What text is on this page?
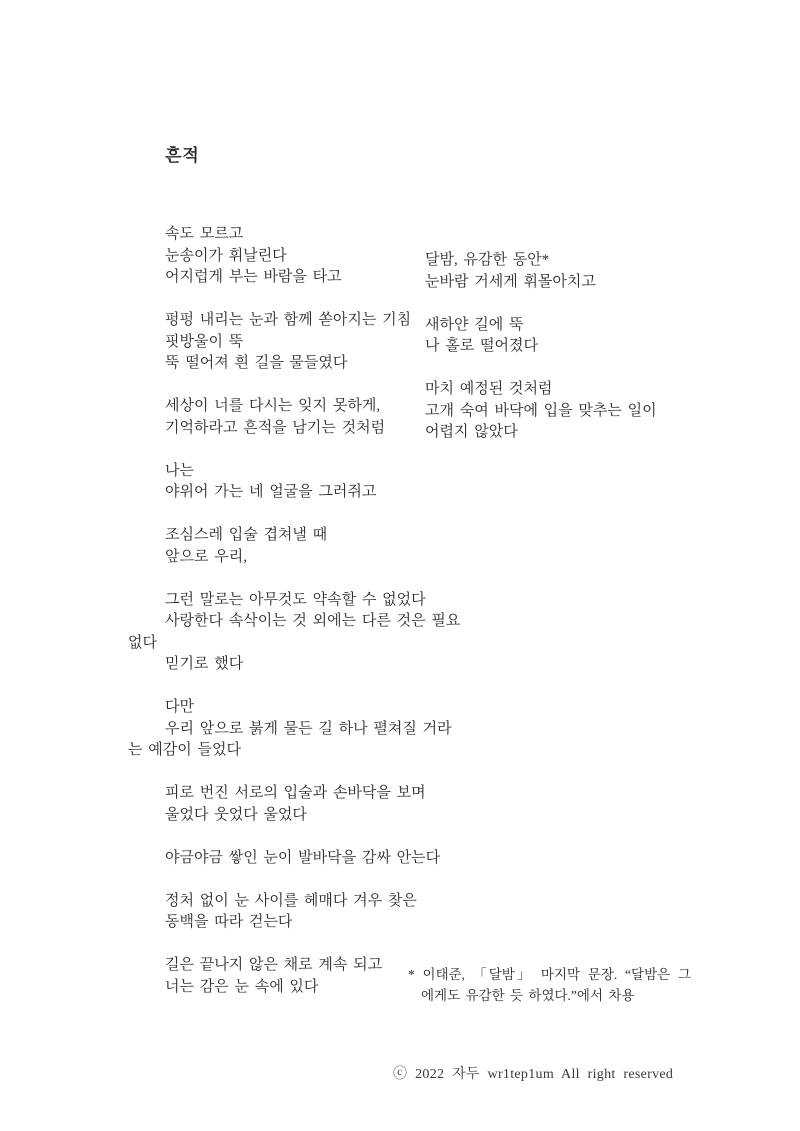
흔적

속도 모르고

눈송이가 휘날린다

어지럽게 부는 바람을 타고

펑펑 내리는 눈과 함께 쏟아지는 기침

핏방울이 뚝

뚝 떨어져 흰 길을 물들였다

세상이 너를 다시는 잊지 못하게,

기억하라고 흔적을 남기는 것처럼

나는

야위어 가는 네 얼굴을 그러쥐고

조심스레 입술 겹쳐낼 때

앞으로 우리,

그런 말로는 아무것도 약속할 수 없었다

사랑한다 속삭이는 것 외에는 다른 것은 필요

없다

믿기로 했다

다만

우리 앞으로 붉게 물든 길 하나 펼쳐질 거라

는 예감이 들었다

피로 번진 서로의 입술과 손바닥을 보며

울었다 웃었다 울었다

야금야금 쌓인 눈이 발바닥을 감싸 안는다

정처 없이 눈 사이를 헤매다 겨우 찾은

동백을 따라 걷는다

길은 끝나지 않은 채로 계속 되고

너는 감은 눈 속에 있다

달밤, 유감한 동안*

눈바람 거세게 휘몰아치고

새하얀 길에 뚝

나 홀로 떨어졌다

마치 예정된 것처럼

고개 숙여 바닥에 입을 맞추는 일이

어렵지 않았다

* 이태준, 「달밤」 마지막 문장. “달밤은 그

에게도 유감한 듯 하였다.”에서 차용

ⓒ 2022 자두 wr1tep1um All right reserved
